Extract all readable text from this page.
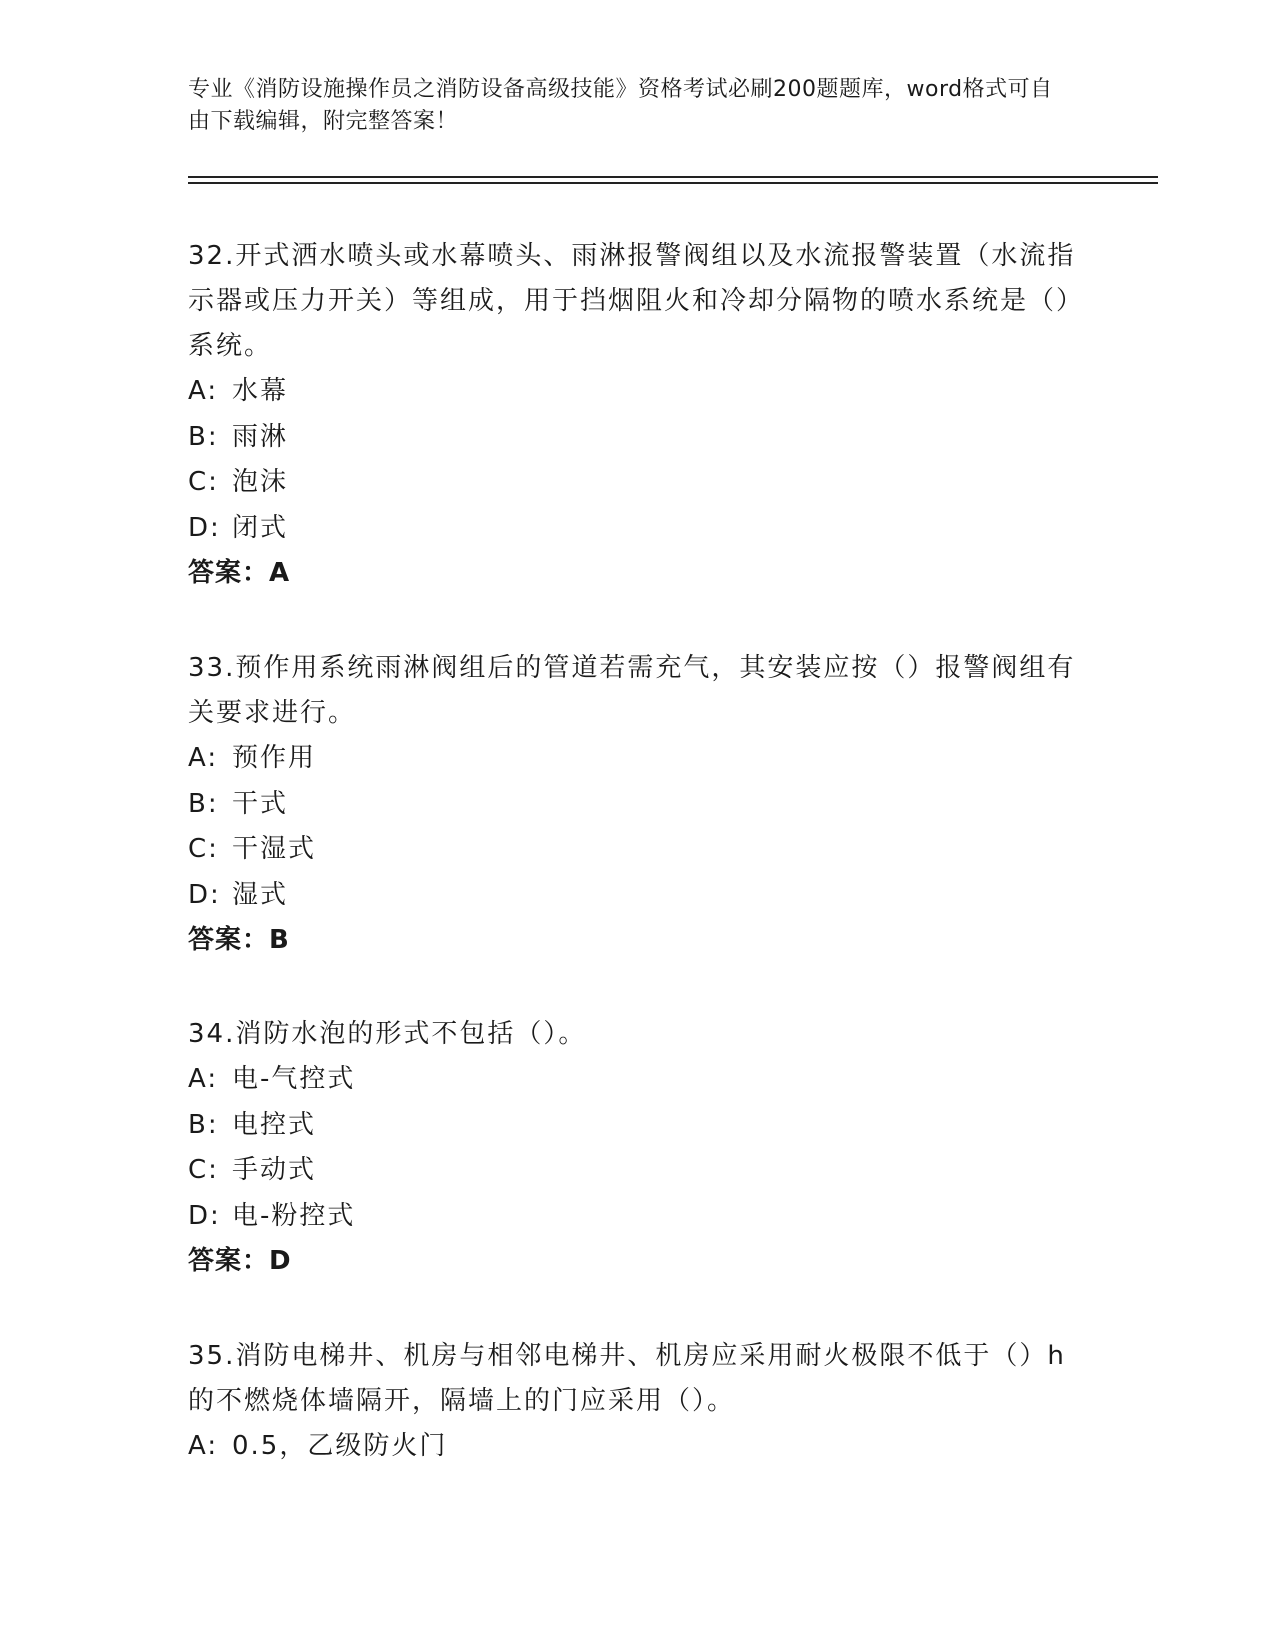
专业《消防设施操作员之消防设备高级技能》资格考试必刷200题题库，word格式可自由下载编辑，附完整答案！

32.开式洒水喷头或水幕喷头、雨淋报警阀组以及水流报警装置（水流指示器或压力开关）等组成，用于挡烟阻火和冷却分隔物的喷水系统是（）系统。

A: 水幕

B: 雨淋

C: 泡沫

D: 闭式

答案：A

33.预作用系统雨淋阀组后的管道若需充气，其安装应按（）报警阀组有关要求进行。

A: 预作用

B: 干式

C: 干湿式

D: 湿式

答案：B

34.消防水泡的形式不包括（）。

A: 电-气控式

B: 电控式

C: 手动式

D: 电-粉控式

答案：D

35.消防电梯井、机房与相邻电梯井、机房应采用耐火极限不低于（）h的不燃烧体墙隔开，隔墙上的门应采用（）。

A: 0.5，乙级防火门
